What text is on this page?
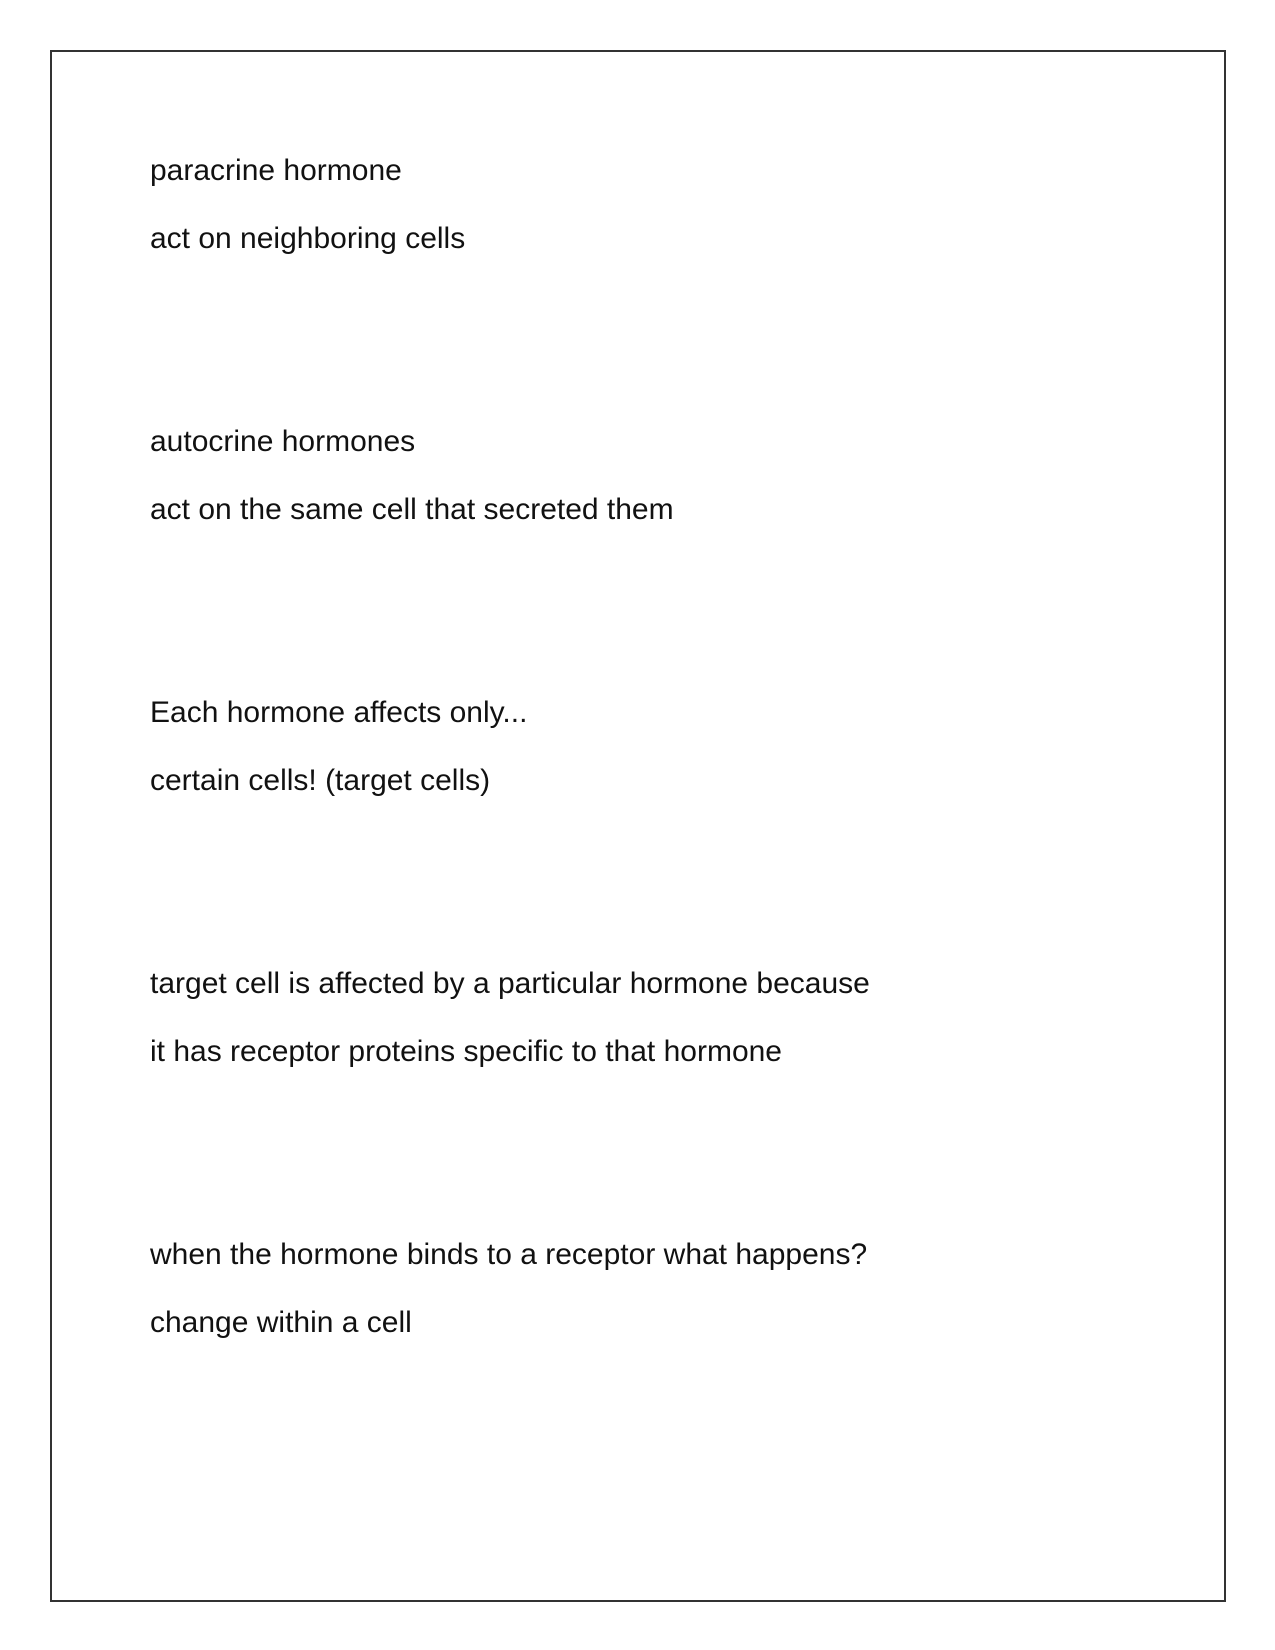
paracrine hormone
act on neighboring cells
autocrine hormones
act on the same cell that secreted them
Each hormone affects only...
certain cells! (target cells)
target cell is affected by a particular hormone because
it has receptor proteins specific to that hormone
when the hormone binds to a receptor what happens?
change within a cell
